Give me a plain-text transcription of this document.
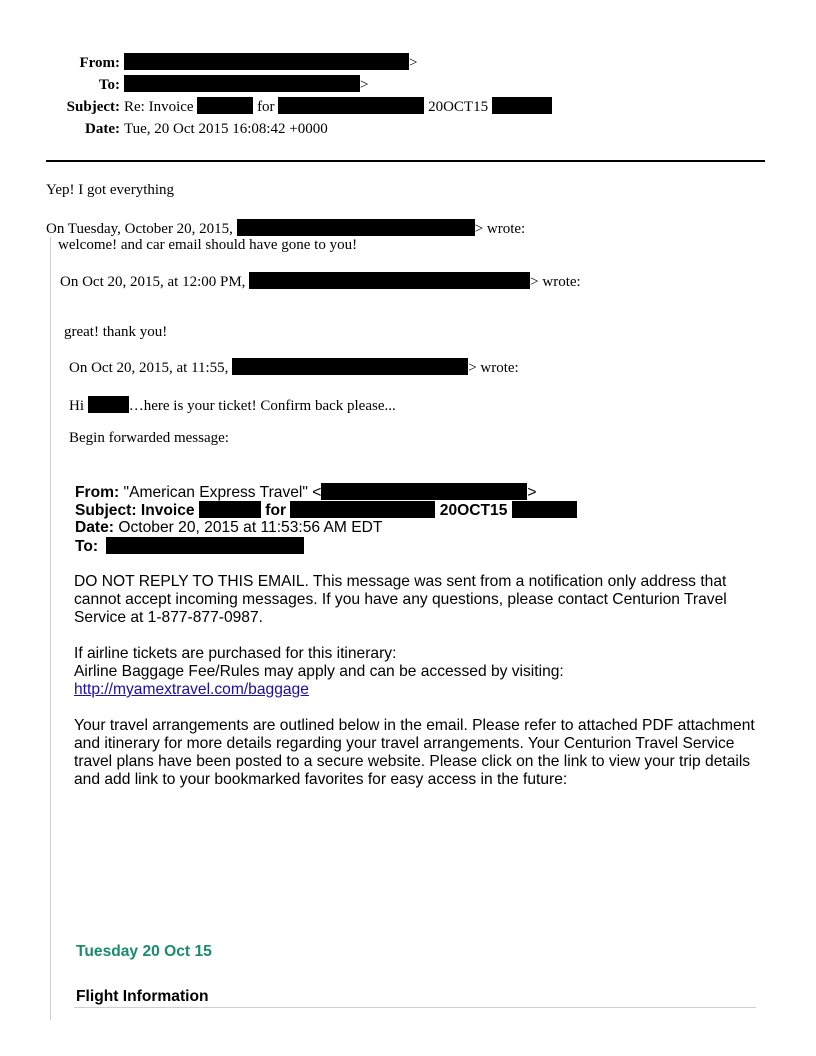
From:	>
To:	>
Subject: Re: Invoice	for	20OCT15
Date: Tue, 20 Oct 2015 16:08:42 +0000
Yep! I got everything
On Tuesday, October 20, 2015,	> wrote:
welcome! and car email should have gone to you!
On Oct 20, 2015, at 12:00 PM,	> wrote:
great! thank you!
On Oct 20, 2015, at 11:55,	> wrote:
Hi	…here is your ticket! Confirm back please...
Begin forwarded message:
From: "American Express Travel" <	>
Subject: Invoice	for	20OCT15
Date: October 20, 2015 at 11:53:56 AM EDT
To:
DO NOT REPLY TO THIS EMAIL. This message was sent from a notification only address that cannot accept incoming messages. If you have any questions, please contact Centurion Travel Service at 1-877-877-0987.
If airline tickets are purchased for this itinerary:
Airline Baggage Fee/Rules may apply and can be accessed by visiting:
http://myamextravel.com/baggage
Your travel arrangements are outlined below in the email. Please refer to attached PDF attachment and itinerary for more details regarding your travel arrangements. Your Centurion Travel Service travel plans have been posted to a secure website. Please click on the link to view your trip details and add link to your bookmarked favorites for easy access in the future:
Tuesday 20 Oct 15
Flight Information
